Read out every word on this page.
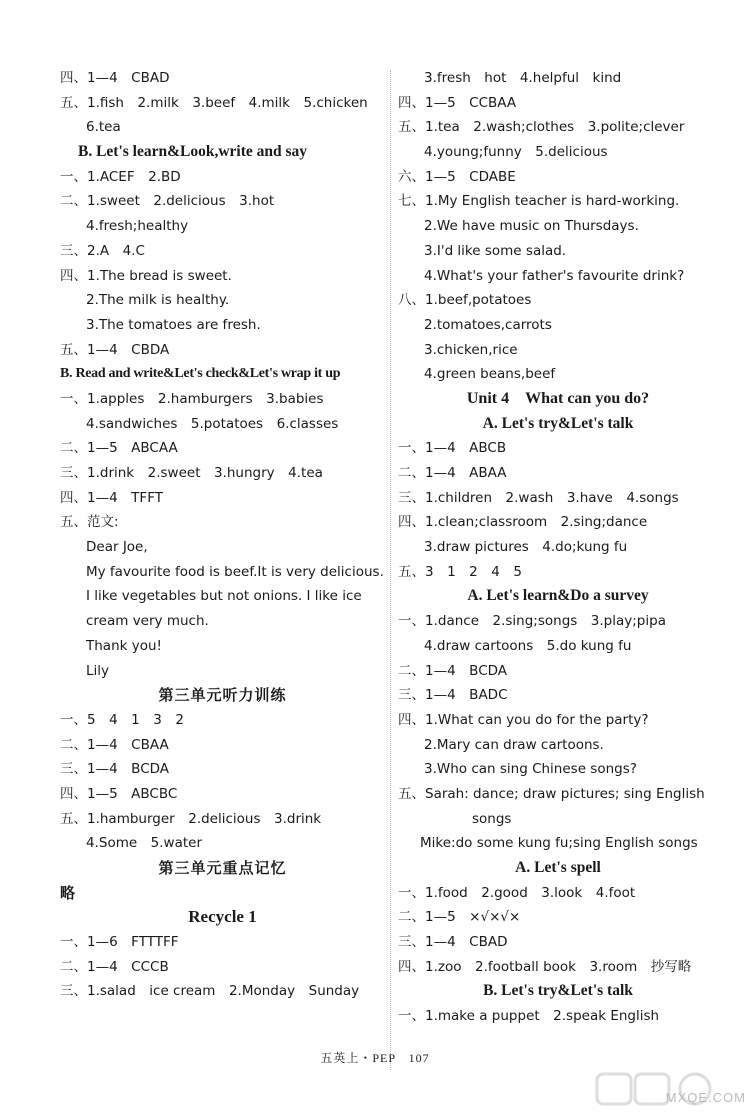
四、1—4　CBAD
五、1.fish　2.milk　3.beef　4.milk　5.chicken
6.tea
B. Let's learn&Look,write and say
一、1.ACEF　2.BD
二、1.sweet　2.delicious　3.hot
4.fresh;healthy
三、2.A　4.C
四、1.The bread is sweet.
2.The milk is healthy.
3.The tomatoes are fresh.
五、1—4　CBDA
B. Read and write&Let's check&Let's wrap it up
一、1.apples　2.hamburgers　3.babies
4.sandwiches　5.potatoes　6.classes
二、1—5　ABCAA
三、1.drink　2.sweet　3.hungry　4.tea
四、1—4　TFFT
五、范文:
Dear Joe,
My favourite food is beef.It is very delicious.
I like vegetables but not onions. I like ice
cream very much.
Thank you!
Lily
第三单元听力训练
一、5　4　1　3　2
二、1—4　CBAA
三、1—4　BCDA
四、1—5　ABCBC
五、1.hamburger　2.delicious　3.drink
4.Some　5.water
第三单元重点记忆
略
Recycle 1
一、1—6　FTTTFF
二、1—4　CCCB
三、1.salad　ice cream　2.Monday　Sunday
3.fresh　hot　4.helpful　kind
四、1—5　CCBAA
五、1.tea　2.wash;clothes　3.polite;clever
4.young;funny　5.delicious
六、1—5　CDABE
七、1.My English teacher is hard-working.
2.We have music on Thursdays.
3.I'd like some salad.
4.What's your father's favourite drink?
八、1.beef,potatoes
2.tomatoes,carrots
3.chicken,rice
4.green beans,beef
Unit 4　What can you do?
A. Let's try&Let's talk
一、1—4　ABCB
二、1—4　ABAA
三、1.children　2.wash　3.have　4.songs
四、1.clean;classroom　2.sing;dance
3.draw pictures　4.do;kung fu
五、3　1　2　4　5
A. Let's learn&Do a survey
一、1.dance　2.sing;songs　3.play;pipa
4.draw cartoons　5.do kung fu
二、1—4　BCDA
三、1—4　BADC
四、1.What can you do for the party?
2.Mary can draw cartoons.
3.Who can sing Chinese songs?
五、Sarah: dance; draw pictures; sing English
songs
Mike:do some kung fu;sing English songs
A. Let's spell
一、1.food　2.good　3.look　4.foot
二、1—5　×√×√×
三、1—4　CBAD
四、1.zoo　2.football book　3.room　抄写略
B. Let's try&Let's talk
一、1.make a puppet　2.speak English
五英上・PEP　107
MXQE.COM
